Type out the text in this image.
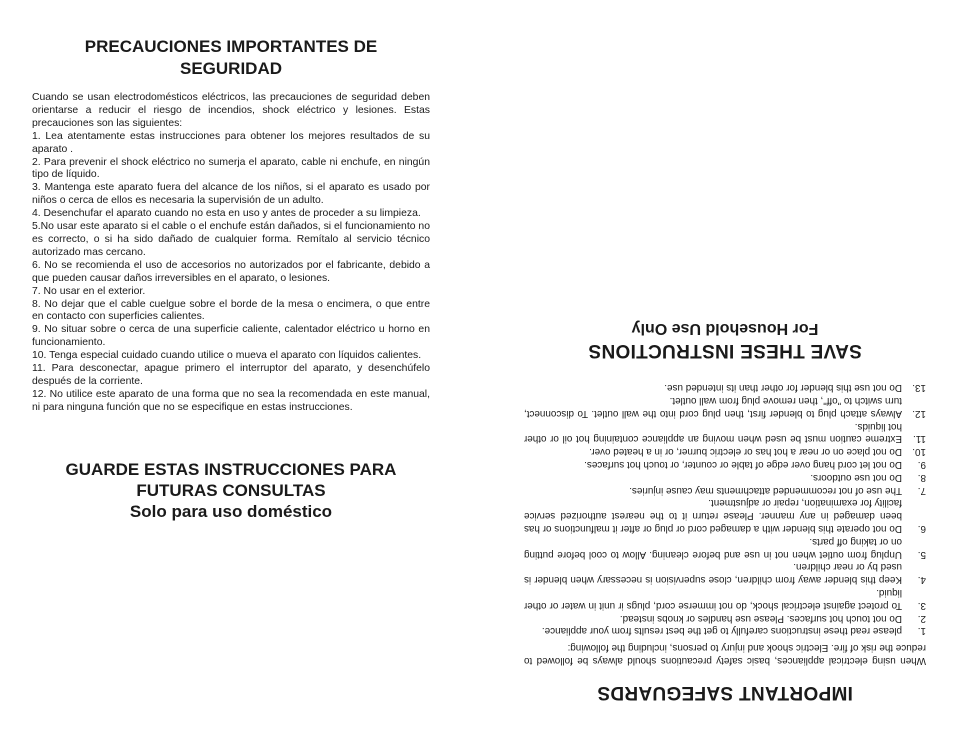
PRECAUCIONES IMPORTANTES DE SEGURIDAD

Cuando se usan electrodomésticos eléctricos, las precauciones de seguridad deben orientarse a reducir el riesgo de incendios, shock eléctrico y lesiones. Estas precauciones son las siguientes:

1. Lea atentamente estas instrucciones para obtener los mejores resultados de su aparato .

2. Para prevenir el shock eléctrico no sumerja el aparato, cable ni enchufe, en ningún tipo de líquido.

3. Mantenga este aparato fuera del alcance de los niños, si el aparato es usado por niños o cerca de ellos es necesaria la supervisión de un adulto.

4. Desenchufar el aparato cuando no esta en uso y antes de proceder a su limpieza.

5.No usar este aparato si el cable o el enchufe están dañados, si el funcionamiento no es correcto, o si ha sido dañado de cualquier forma. Remítalo al servicio técnico autorizado mas cercano.

6. No se recomienda el uso de accesorios no autorizados por el fabricante, debido a que pueden causar daños irreversibles en el aparato, o lesiones.

7. No usar en el exterior.

8. No dejar que el cable cuelgue sobre el borde de la mesa o encimera, o que entre en contacto con superficies calientes.

9. No situar sobre o cerca de una superficie caliente, calentador eléctrico u horno en funcionamiento.

10. Tenga especial cuidado cuando utilice o mueva el aparato con líquidos calientes.

11. Para desconectar, apague primero el interruptor del aparato, y desenchúfelo después de la corriente.

12. No utilice este aparato de una forma que no sea la recomendada en este manual, ni para ninguna función que no se especifique en estas instrucciones.

GUARDE ESTAS INSTRUCCIONES PARA FUTURAS CONSULTAS
Solo para uso doméstico
IMPORTANT SAFEGUARDS

When using electrical appliances, basic safety precautions should always be followed to reduce the risk of fire. Electric shook and injury to persons, including the following:

1.
please read these instructions carefully to get the best results from your appliance.
2.
Do not touch hot surfaces. Please use handles or knobs instead.
3.
To protect against electrical shock, do not immerse cord, plugs ir unit in water or other liquid.
4.
Keep this blender away from children, close supervision is necessary when blender is used by or near children.
5.
Unplug from outlet when not in use and before cleaning. Allow to cool before putting on or taking off parts.
6.
Do not operate this blender with a damaged cord or plug or after it malfunctions or has been damaged in any manner. Please return it to the nearest authorized service facility for examination, repair or adjustment.
7.
The use of not recommended attachments may cause injuries.
8.
Do not use outdoors.
9.
Do not let cord hang over edge of table or counter, or touch hot surfaces.
10.
Do not place on or near a hot has or electric burner, or in a heated over.
11.
Extreme caution must be used when moving an appliance containing hot oil or other hot liquids.
12.
Always attach plug to blender first, then plug cord into the wall outlet. To disconnect, turn switch to "off", then remove plug from wall outlet.
13.
Do not use this blender for other than its intended use.
SAVE THESE INSTRUCTIONS
For Household Use Only
